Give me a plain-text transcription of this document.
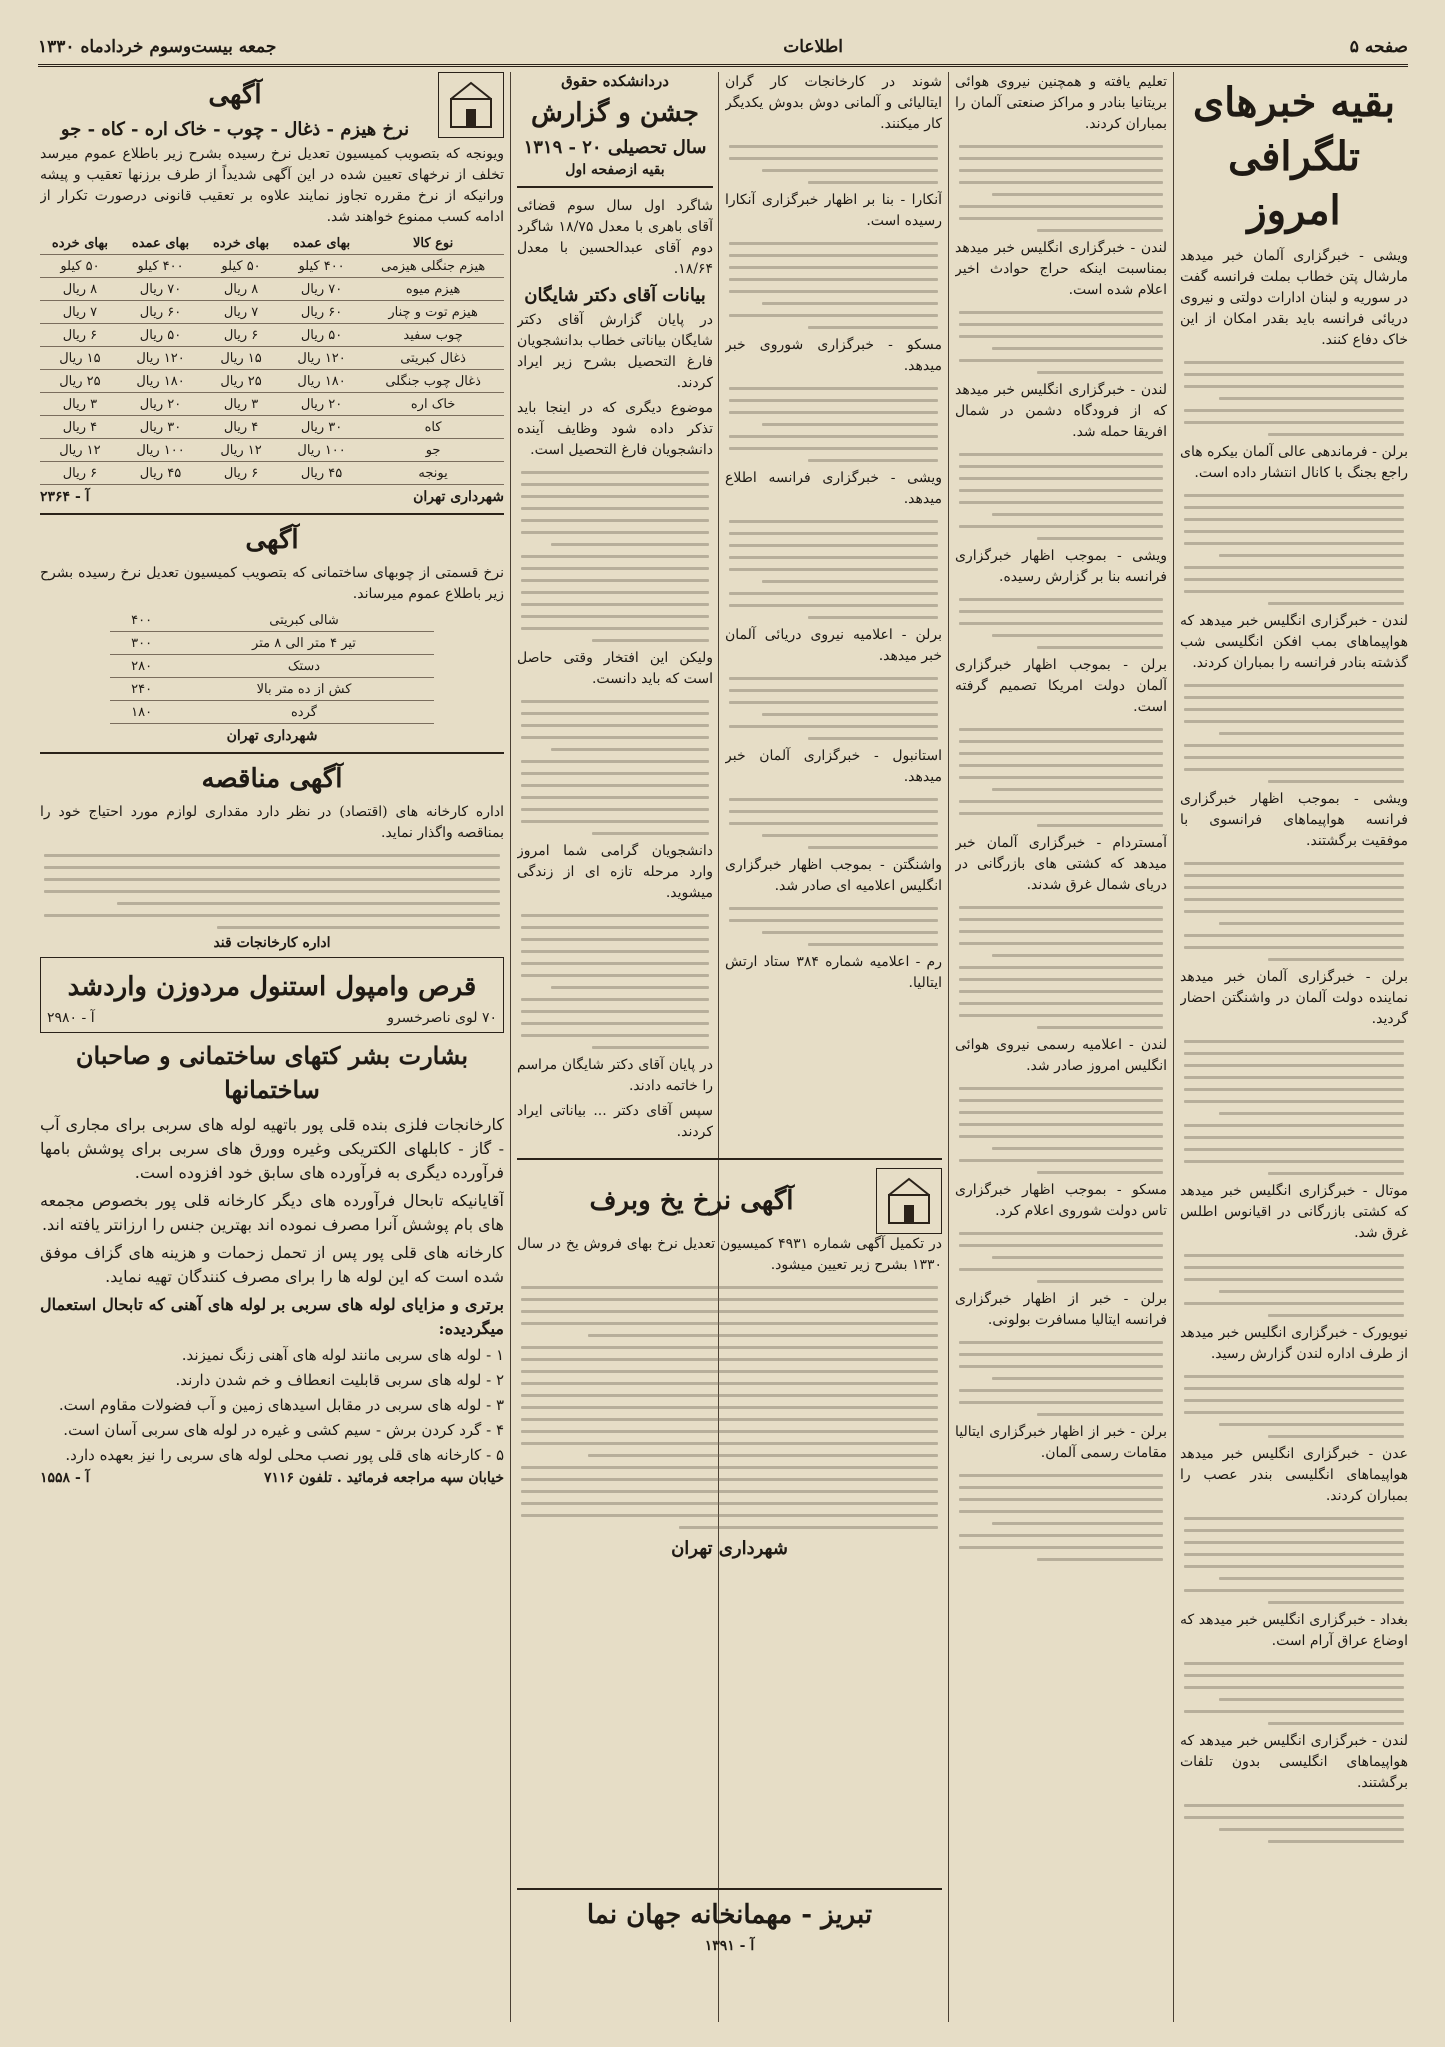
جمعه بیست‌وسوم خردادماه ۱۳۳۰	اطلاعات	صفحه ۵
بقیه خبرهای تلگرافی امروز

ویشی - خبرگزاری آلمان خبر میدهد مارشال پتن خطاب بملت فرانسه گفت در سوریه و لبنان ادارات دولتی و نیروی دریائی فرانسه باید بقدر امکان از این خاک دفاع کنند.

برلن - فرماندهی عالی آلمان بیکره های راجع بجنگ با کانال انتشار داده است.

لندن - خبرگزاری انگلیس خبر میدهد که هواپیماهای بمب افکن انگلیسی شب گذشته بنادر فرانسه را بمباران کردند.

ویشی - بموجب اظهار خبرگزاری فرانسه هواپیماهای فرانسوی با موفقیت برگشتند.

برلن - خبرگزاری آلمان خبر میدهد نماینده دولت آلمان در واشنگتن احضار گردید.

موتال - خبرگزاری انگلیس خبر میدهد که کشتی بازرگانی در اقیانوس اطلس غرق شد.

نیویورک - خبرگزاری انگلیس خبر میدهد از طرف اداره لندن گزارش رسید.

عدن - خبرگزاری انگلیس خبر میدهد هواپیماهای انگلیسی بندر عصب را بمباران کردند.

بغداد - خبرگزاری انگلیس خبر میدهد که اوضاع عراق آرام است.

لندن - خبرگزاری انگلیس خبر میدهد که هواپیماهای انگلیسی بدون تلفات برگشتند.

تعلیم یافته و همچنین نیروی هوائی بریتانیا بنادر و مراکز صنعتی آلمان را بمباران کردند.

لندن - خبرگزاری انگلیس خبر میدهد بمناسبت اینکه حراج حوادث اخیر اعلام شده است.

لندن - خبرگزاری انگلیس خبر میدهد که از فرودگاه دشمن در شمال افریقا حمله شد.

ویشی - بموجب اظهار خبرگزاری فرانسه بنا بر گزارش رسیده.

برلن - بموجب اظهار خبرگزاری آلمان دولت امریکا تصمیم گرفته است.

آمستردام - خبرگزاری آلمان خبر میدهد که کشتی های بازرگانی در دریای شمال غرق شدند.

لندن - اعلامیه رسمی نیروی هوائی انگلیس امروز صادر شد.

مسکو - بموجب اظهار خبرگزاری تاس دولت شوروی اعلام کرد.

برلن - خبر از اظهار خبرگزاری فرانسه ایتالیا مسافرت بولونی.

برلن - خبر از اظهار خبرگزاری ایتالیا مقامات رسمی آلمان.

شوند در کارخانجات کار گران ایتالیائی و آلمانی دوش بدوش یکدیگر کار میکنند.

آنکارا - بنا بر اظهار خبرگزاری آنکارا رسیده است.

مسکو - خبرگزاری شوروی خبر میدهد.

ویشی - خبرگزاری فرانسه اطلاع میدهد.

برلن - اعلامیه نیروی دریائی آلمان خبر میدهد.

استانبول - خبرگزاری آلمان خبر میدهد.

واشنگتن - بموجب اظهار خبرگزاری انگلیس اعلامیه ای صادر شد.

رم - اعلامیه شماره ۳۸۴ ستاد ارتش ایتالیا.

دردانشکده حقوق
جشن و گزارش
سال تحصیلی ۲۰ - ۱۳۱۹
بقیه ازصفحه اول

شاگرد اول سال سوم قضائی آقای باهری با معدل ۱۸/۷۵ شاگرد دوم آقای عبدالحسین با معدل ۱۸/۶۴.

بیانات آقای دکتر شایگان

در پایان گزارش آقای دکتر شایگان بیاناتی خطاب بدانشجویان فارغ التحصیل بشرح زیر ایراد کردند.

موضوع دیگری که در اینجا باید تذکر داده شود وظایف آینده دانشجویان فارغ التحصیل است.

ولیکن این افتخار وقتی حاصل است که باید دانست.

دانشجویان گرامی شما امروز وارد مرحله تازه ای از زندگی میشوید.

در پایان آقای دکتر شایگان مراسم را خاتمه دادند.

سپس آقای دکتر ... بیاناتی ایراد کردند.

آگهی نرخ یخ وبرف

در تکمیل آگهی شماره ۴۹۳۱ کمیسیون تعدیل نرخ بهای فروش یخ در سال ۱۳۳۰ بشرح زیر تعیین میشود.

شهرداری تهران
تبریز - مهمانخانه جهان نما
آ - ۱۳۹۱
آگهی
نرخ هیزم - ذغال - چوب - خاک اره - کاه - جو

ویونجه که بتصویب کمیسیون تعدیل نرخ رسیده بشرح زیر باطلاع عموم میرسد تخلف از نرخهای تعیین شده در این آگهی شدیداً از طرف برزنها تعقیب و پیشه ورانیکه از نرخ مقرره تجاوز نمایند علاوه بر تعقیب قانونی درصورت تکرار از ادامه کسب ممنوع خواهند شد.

نوع کالا	بهای عمده	بهای خرده	بهای عمده	بهای خرده
هیزم جنگلی هیزمی	۴۰۰ کیلو	۵۰ کیلو	۴۰۰ کیلو	۵۰ کیلو
هیزم میوه	۷۰ ریال	۸ ریال	۷۰ ریال	۸ ریال
هیزم توت و چنار	۶۰ ریال	۷ ریال	۶۰ ریال	۷ ریال
چوب سفید	۵۰ ریال	۶ ریال	۵۰ ریال	۶ ریال
ذغال کبریتی	۱۲۰ ریال	۱۵ ریال	۱۲۰ ریال	۱۵ ریال
ذغال چوب جنگلی	۱۸۰ ریال	۲۵ ریال	۱۸۰ ریال	۲۵ ریال
خاک اره	۲۰ ریال	۳ ریال	۲۰ ریال	۳ ریال
کاه	۳۰ ریال	۴ ریال	۳۰ ریال	۴ ریال
جو	۱۰۰ ریال	۱۲ ریال	۱۰۰ ریال	۱۲ ریال
یونجه	۴۵ ریال	۶ ریال	۴۵ ریال	۶ ریال
شهرداری تهران
آ - ۲۳۶۴
آگهی

نرخ قسمتی از چوبهای ساختمانی که بتصویب کمیسیون تعدیل نرخ رسیده بشرح زیر باطلاع عموم میرساند.

شالی کبریتی	۴۰۰
تیر ۴ متر الی ۸ متر	۳۰۰
دستک	۲۸۰
کش از ده متر بالا	۲۴۰
گرده	۱۸۰
شهرداری تهران
آگهی مناقصه

اداره کارخانه های (اقتصاد) در نظر دارد مقداری لوازم مورد احتیاج خود را بمناقصه واگذار نماید.

اداره کارخانجات قند
قرص وامپول استنول مردوزن واردشد
۷۰ لوی ناصرخسرو
آ - ۲۹۸۰
بشارت بشر کتهای ساختمانی و صاحبان ساختمانها

کارخانجات فلزی بنده قلی پور باتهیه لوله های سربی برای مجاری آب - گاز - کابلهای الکتریکی وغیره وورق های سربی برای پوشش بامها فرآورده دیگری به فرآورده های سابق خود افزوده است.

آقایانیکه تابحال فرآورده های دیگر کارخانه قلی پور بخصوص مجمعه های بام پوشش آنرا مصرف نموده اند بهترین جنس را ارزانتر یافته اند.

کارخانه های قلی پور پس از تحمل زحمات و هزینه های گزاف موفق شده است که این لوله ها را برای مصرف کنندگان تهیه نماید.

برتری و مزایای لوله های سربی بر لوله های آهنی که تابحال استعمال میگردیده:

۱ - لوله های سربی مانند لوله های آهنی زنگ نمیزند.

۲ - لوله های سربی قابلیت انعطاف و خم شدن دارند.

۳ - لوله های سربی در مقابل اسیدهای زمین و آب فضولات مقاوم است.

۴ - گرد کردن برش - سیم کشی و غیره در لوله های سربی آسان است.

۵ - کارخانه های قلی پور نصب محلی لوله های سربی را نیز بعهده دارد.

خیابان سپه مراجعه فرمائید . تلفون ۷۱۱۶
آ - ۱۵۵۸
